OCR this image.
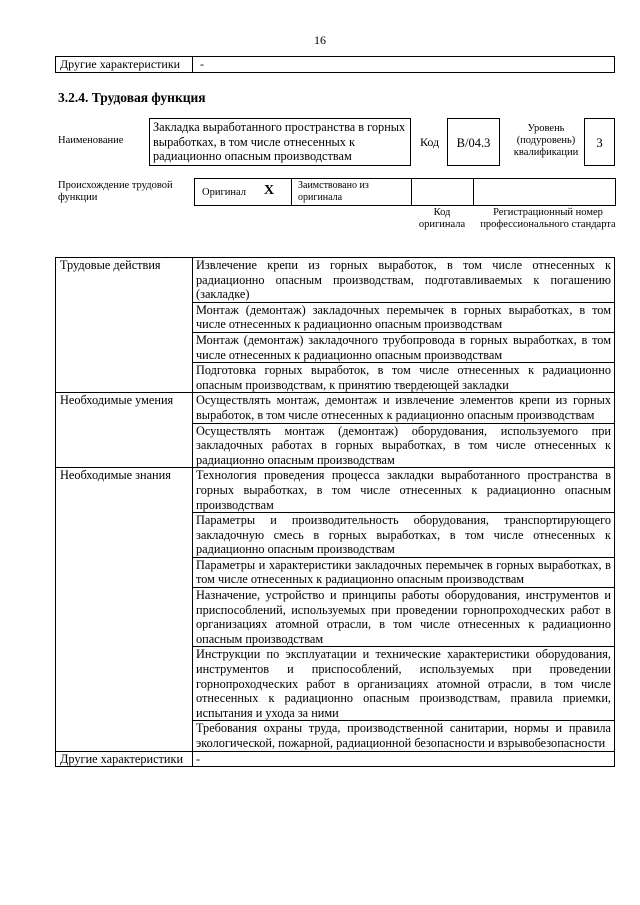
16
Другие характеристики	-
3.2.4. Трудовая функция
Наименование
Закладка выработанного пространства в горных выработках, в том числе отнесенных к радиационно опасным производствам
Код	В/04.3
Уровень (подуровень) квалификации
3
Происхождение трудовой функции	Оригинал X Заимствовано из оригинала
Код оригинала
Регистрационный номер профессионального стандарта
Трудовые действия	Извлечение крепи из горных выработок, в том числе отнесенных к радиационно опасным производствам, подготавливаемых к погашению (закладке)
	Монтаж (демонтаж) закладочных перемычек в горных выработках, в том числе отнесенных к радиационно опасным производствам
	Монтаж (демонтаж) закладочного трубопровода в горных выработках, в том числе отнесенных к радиационно опасным производствам
	Подготовка горных выработок, в том числе отнесенных к радиационно опасным производствам, к принятию твердеющей закладки
Необходимые умения	Осуществлять монтаж, демонтаж и извлечение элементов крепи из горных выработок, в том числе отнесенных к радиационно опасным производствам
	Осуществлять монтаж (демонтаж) оборудования, используемого при закладочных работах в горных выработках, в том числе отнесенных к радиационно опасным производствам
Необходимые знания	Технология проведения процесса закладки выработанного пространства в горных выработках, в том числе отнесенных к радиационно опасным производствам
	Параметры и производительность оборудования, транспортирующего закладочную смесь в горных выработках, в том числе отнесенных к радиационно опасным производствам
	Параметры и характеристики закладочных перемычек в горных выработках, в том числе отнесенных к радиационно опасным производствам
	Назначение, устройство и принципы работы оборудования, инструментов и приспособлений, используемых при проведении горнопроходческих работ в организациях атомной отрасли, в том числе отнесенных к радиационно опасным производствам
	Инструкции по эксплуатации и технические характеристики оборудования, инструментов и приспособлений, используемых при проведении горнопроходческих работ в организациях атомной отрасли, в том числе отнесенных к радиационно опасным производствам, правила приемки, испытания и ухода за ними
	Требования охраны труда, производственной санитарии, нормы и правила экологической, пожарной, радиационной безопасности и взрывобезопасности
Другие характеристики	-
